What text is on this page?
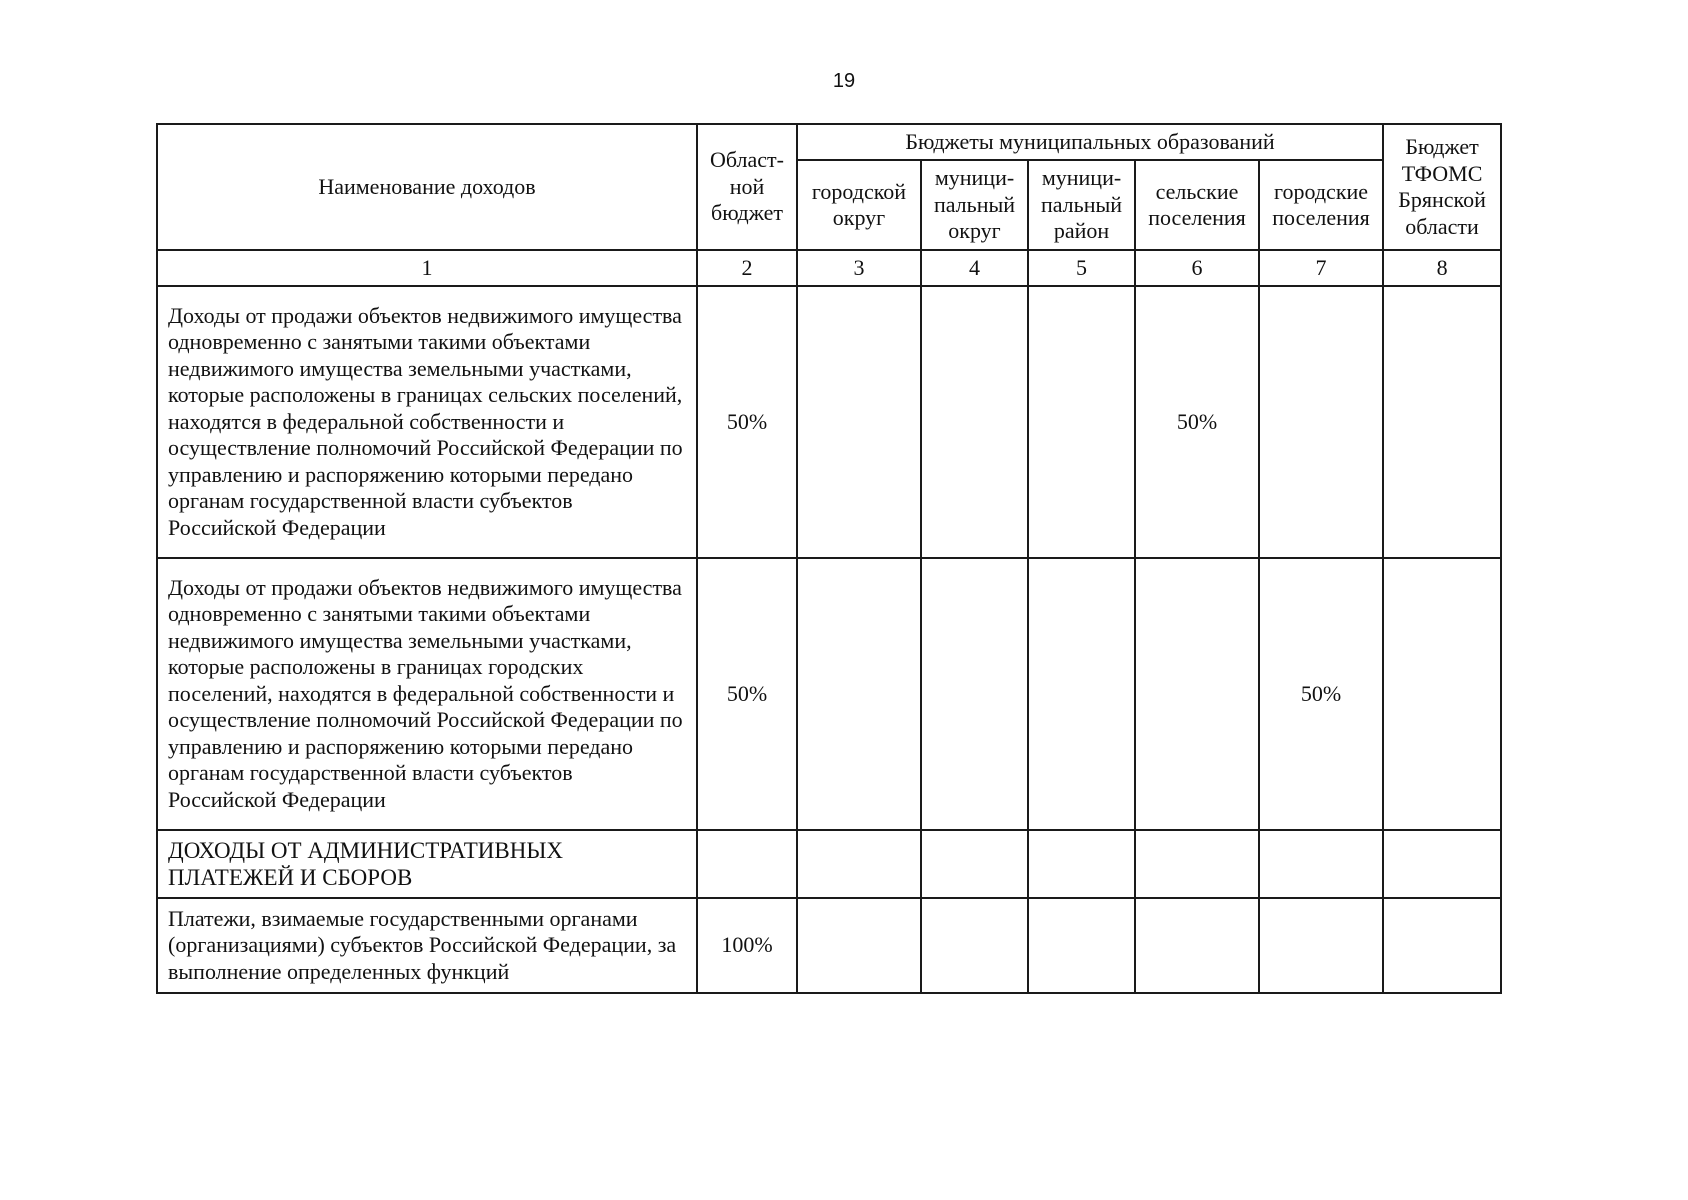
19
Наименование доходов	Област-ной бюджет	Бюджеты муниципальных образований					Бюджет ТФОМС Брянской области
		городской округ	муници-пальный округ	муници-пальный район	сельские поселения	городские поселения	
1	2	3	4	5	6	7	8
Доходы от продажи объектов недвижимого имущества одновременно с занятыми такими объектами недвижимого имущества земельными участками, которые расположены в границах сельских поселений, находятся в федеральной собственности и осуществление полномочий Российской Федерации по управлению и распоряжению которыми передано органам государственной власти субъектов Российской Федерации	50%				50%		
Доходы от продажи объектов недвижимого имущества одновременно с занятыми такими объектами недвижимого имущества земельными участками, которые расположены в границах городских поселений, находятся в федеральной собственности и осуществление полномочий Российской Федерации по управлению и распоряжению которыми передано органам государственной власти субъектов Российской Федерации	50%					50%	
ДОХОДЫ ОТ АДМИНИСТРАТИВНЫХ ПЛАТЕЖЕЙ И СБОРОВ							
Платежи, взимаемые государственными органами (организациями) субъектов Российской Федерации, за выполнение определенных функций	100%						
